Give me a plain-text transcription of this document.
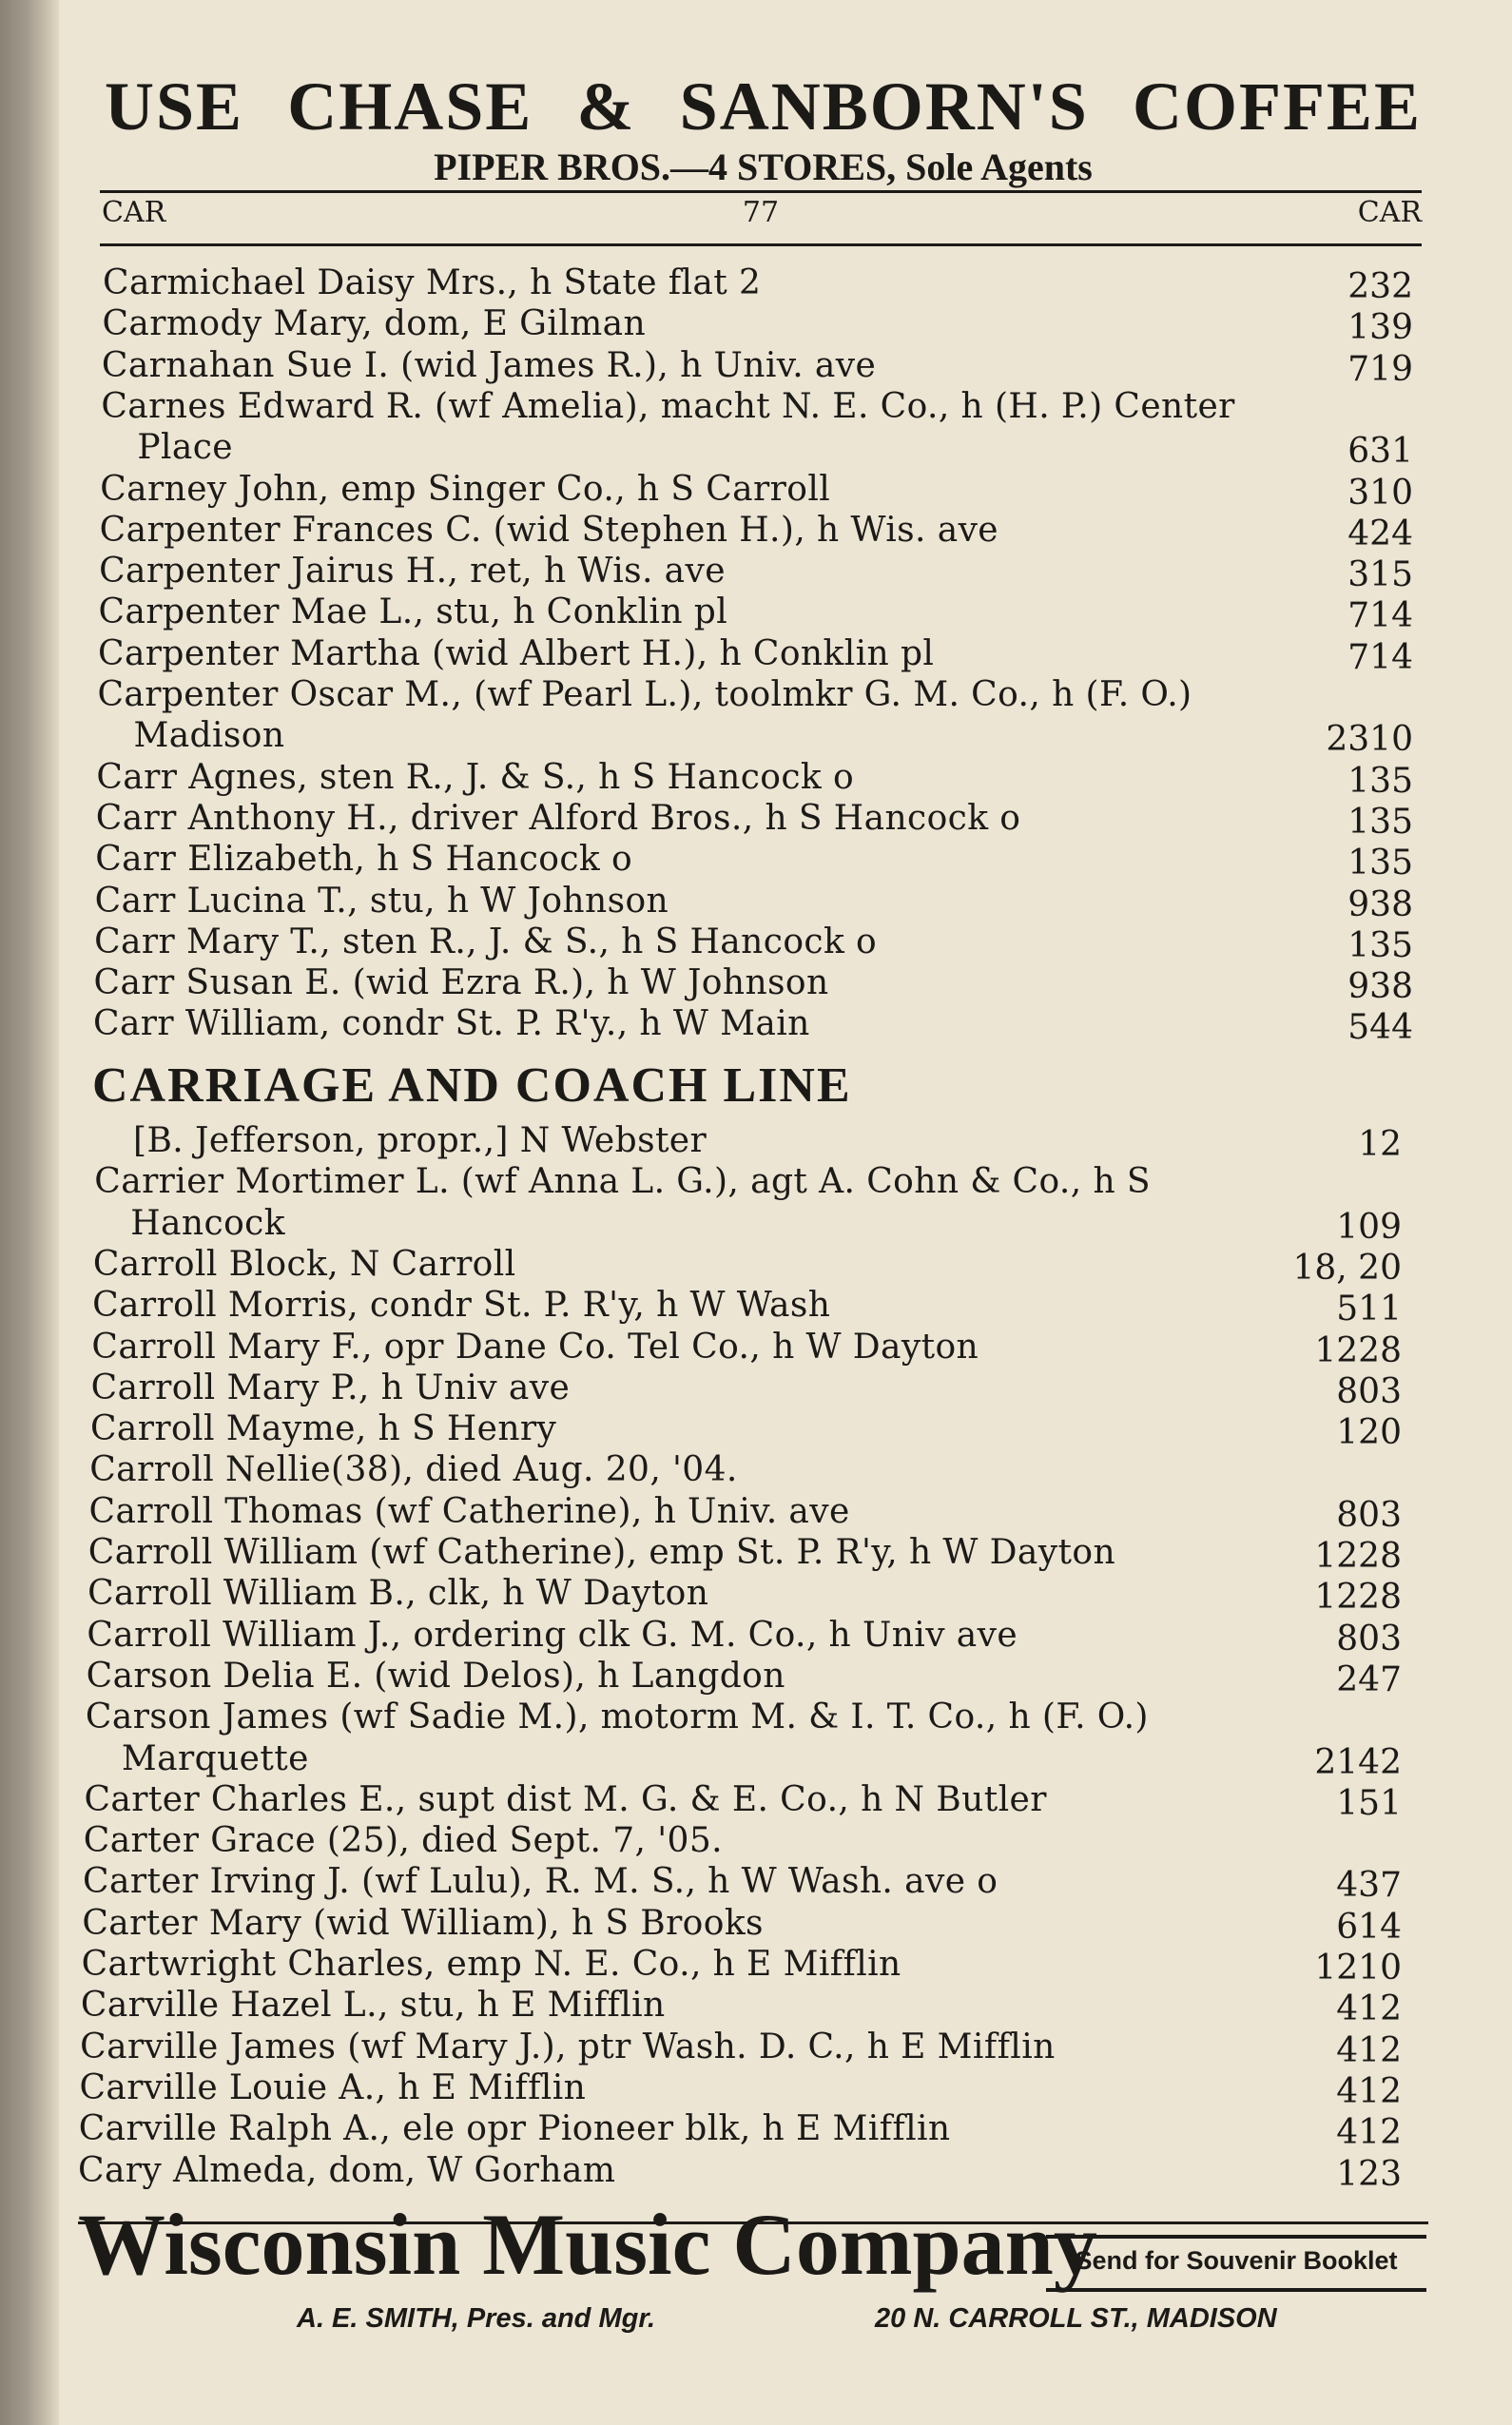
USE CHASE & SANBORN'S COFFEE
PIPER BROS.—4 STORES, Sole Agents
CAR	77	CAR
Carmichael Daisy Mrs., h State flat 2	232
Carmody Mary, dom, E Gilman	139
Carnahan Sue I. (wid James R.), h Univ. ave	719
Carnes Edward R. (wf Amelia), macht N. E. Co., h (H. P.) Center
Place	631
Carney John, emp Singer Co., h S Carroll	310
Carpenter Frances C. (wid Stephen H.), h Wis. ave	424
Carpenter Jairus H., ret, h Wis. ave	315
Carpenter Mae L., stu, h Conklin pl	714
Carpenter Martha (wid Albert H.), h Conklin pl	714
Carpenter Oscar M., (wf Pearl L.), toolmkr G. M. Co., h (F. O.)
Madison	2310
Carr Agnes, sten R., J. & S., h S Hancock o	135
Carr Anthony H., driver Alford Bros., h S Hancock o	135
Carr Elizabeth, h S Hancock o	135
Carr Lucina T., stu, h W Johnson	938
Carr Mary T., sten R., J. & S., h S Hancock o	135
Carr Susan E. (wid Ezra R.), h W Johnson	938
Carr William, condr St. P. R'y., h W Main	544
[B. Jefferson, propr.,] N Webster	12
Carrier Mortimer L. (wf Anna L. G.), agt A. Cohn & Co., h S
Hancock	109
Carroll Block, N Carroll	18, 20
Carroll Morris, condr St. P. R'y, h W Wash	511
Carroll Mary F., opr Dane Co. Tel Co., h W Dayton	1228
Carroll Mary P., h Univ ave	803
Carroll Mayme, h S Henry	120
Carroll Nellie(38), died Aug. 20, '04.
Carroll Thomas (wf Catherine), h Univ. ave	803
Carroll William (wf Catherine), emp St. P. R'y, h W Dayton	1228
Carroll William B., clk, h W Dayton	1228
Carroll William J., ordering clk G. M. Co., h Univ ave	803
Carson Delia E. (wid Delos), h Langdon	247
Carson James (wf Sadie M.), motorm M. & I. T. Co., h (F. O.)
Marquette	2142
Carter Charles E., supt dist M. G. & E. Co., h N Butler	151
Carter Grace (25), died Sept. 7, '05.
Carter Irving J. (wf Lulu), R. M. S., h W Wash. ave o	437
Carter Mary (wid William), h S Brooks	614
Cartwright Charles, emp N. E. Co., h E Mifflin	1210
Carville Hazel L., stu, h E Mifflin	412
Carville James (wf Mary J.), ptr Wash. D. C., h E Mifflin	412
Carville Louie A., h E Mifflin	412
Carville Ralph A., ele opr Pioneer blk, h E Mifflin	412
Cary Almeda, dom, W Gorham	123
CARRIAGE AND COACH LINE
Wisconsin Music Company
Send for Souvenir Booklet
A. E. SMITH, Pres. and Mgr.	20 N. CARROLL ST., MADISON
